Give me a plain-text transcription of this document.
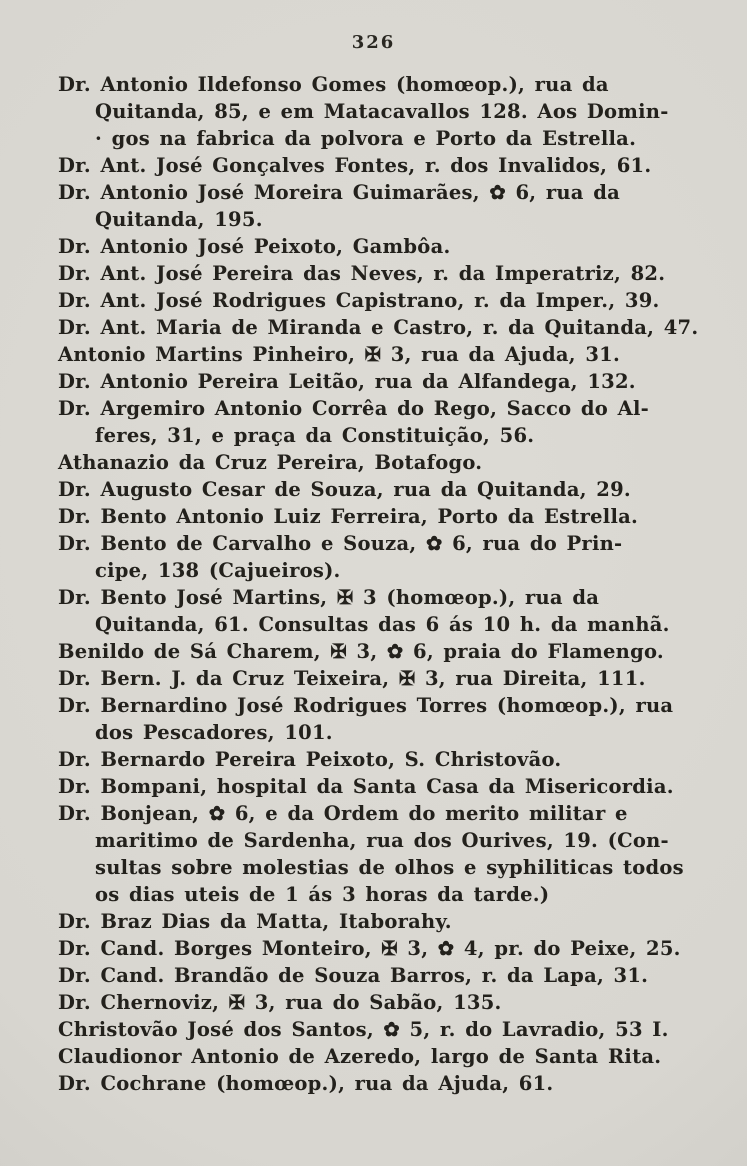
326

Dr. Antonio Ildefonso Gomes (homœop.), rua da
Quitanda, 85, e em Matacavallos 128. Aos Domin-
· gos na fabrica da polvora e Porto da Estrella.

Dr. Ant. José Gonçalves Fontes, r. dos Invalidos, 61.

Dr. Antonio José Moreira Guimarães, ✿ 6, rua da
Quitanda, 195.

Dr. Antonio José Peixoto, Gambôa.

Dr. Ant. José Pereira das Neves, r. da Imperatriz, 82.

Dr. Ant. José Rodrigues Capistrano, r. da Imper., 39.

Dr. Ant. Maria de Miranda e Castro, r. da Quitanda, 47.

Antonio Martins Pinheiro, ✠ 3, rua da Ajuda, 31.

Dr. Antonio Pereira Leitão, rua da Alfandega, 132.

Dr. Argemiro Antonio Corrêa do Rego, Sacco do Al-
feres, 31, e praça da Constituição, 56.

Athanazio da Cruz Pereira, Botafogo.

Dr. Augusto Cesar de Souza, rua da Quitanda, 29.

Dr. Bento Antonio Luiz Ferreira, Porto da Estrella.

Dr. Bento de Carvalho e Souza, ✿ 6, rua do Prin-
cipe, 138 (Cajueiros).

Dr. Bento José Martins, ✠ 3 (homœop.), rua da
Quitanda, 61. Consultas das 6 ás 10 h. da manhã.

Benildo de Sá Charem, ✠ 3, ✿ 6, praia do Flamengo.

Dr. Bern. J. da Cruz Teixeira, ✠ 3, rua Direita, 111.

Dr. Bernardino José Rodrigues Torres (homœop.), rua
dos Pescadores, 101.

Dr. Bernardo Pereira Peixoto, S. Christovão.

Dr. Bompani, hospital da Santa Casa da Misericordia.

Dr. Bonjean, ✿ 6, e da Ordem do merito militar e
maritimo de Sardenha, rua dos Ourives, 19. (Con-
sultas sobre molestias de olhos e syphiliticas todos
os dias uteis de 1 ás 3 horas da tarde.)

Dr. Braz Dias da Matta, Itaborahy.

Dr. Cand. Borges Monteiro, ✠ 3, ✿ 4, pr. do Peixe, 25.

Dr. Cand. Brandão de Souza Barros, r. da Lapa, 31.

Dr. Chernoviz, ✠ 3, rua do Sabão, 135.

Christovão José dos Santos, ✿ 5, r. do Lavradio, 53 I.

Claudionor Antonio de Azeredo, largo de Santa Rita.

Dr. Cochrane (homœop.), rua da Ajuda, 61.
